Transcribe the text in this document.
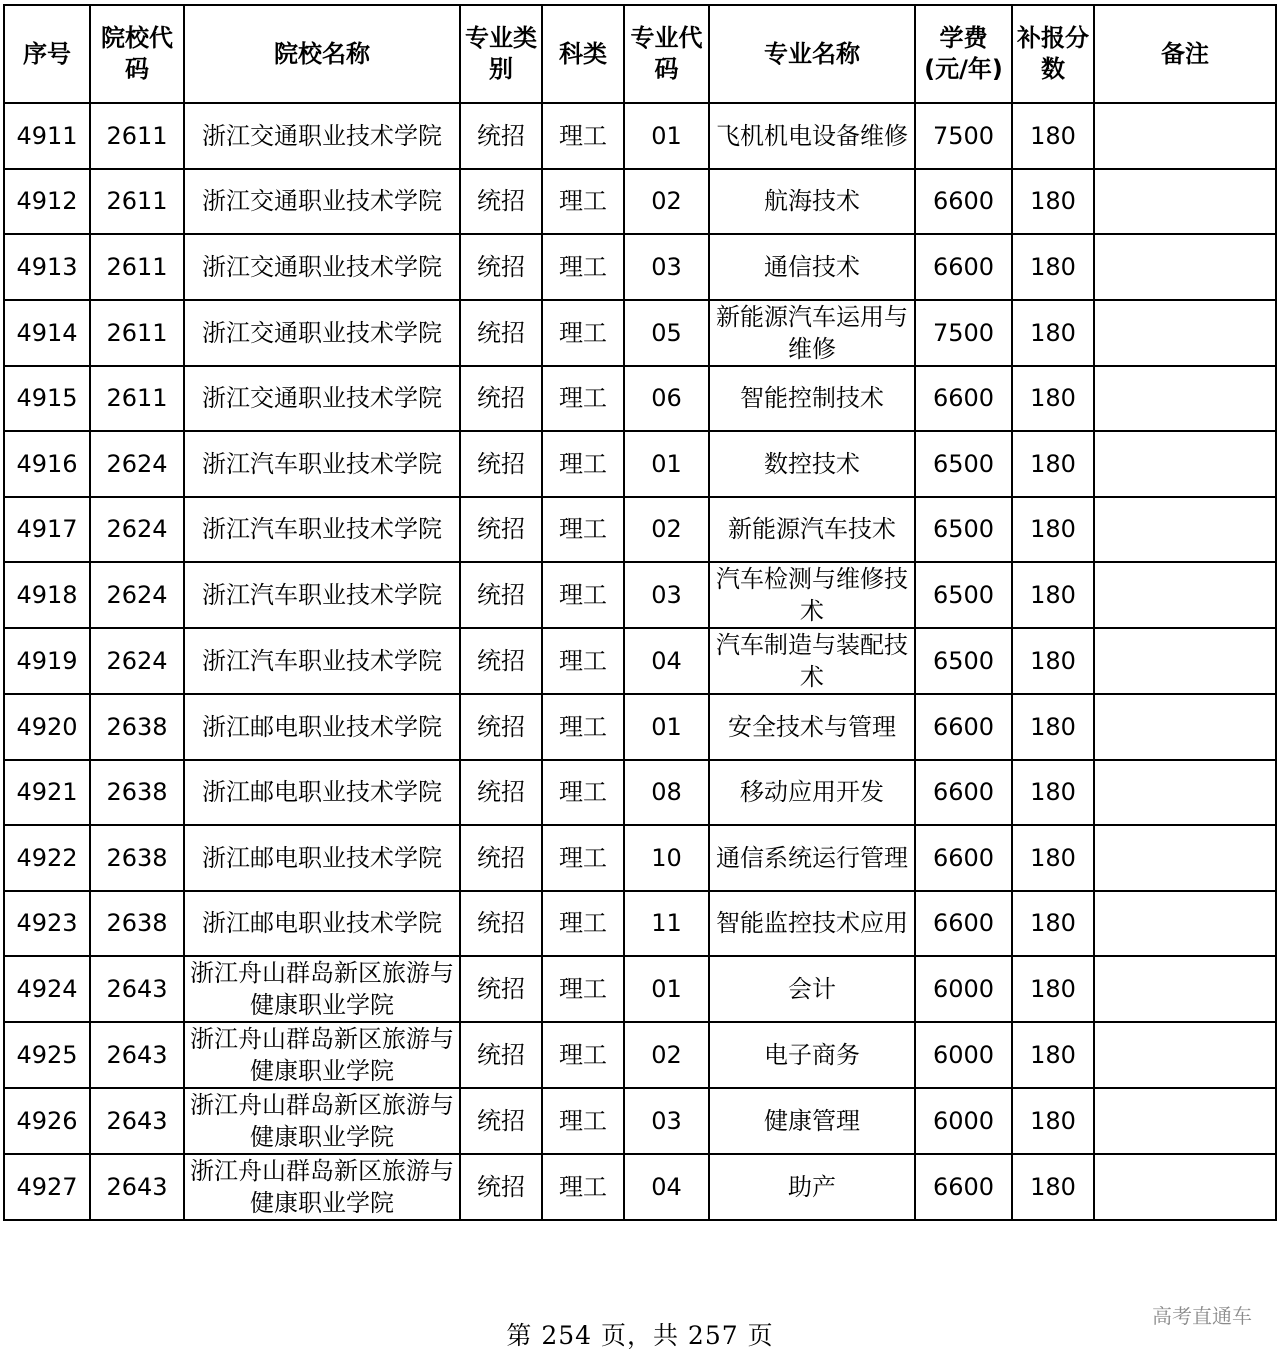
序号	院校代码	院校名称	专业类别	科类	专业代码	专业名称	学费(元/年)	补报分数	备注
4911	2611	浙江交通职业技术学院	统招	理工	01	飞机机电设备维修	7500	180	
4912	2611	浙江交通职业技术学院	统招	理工	02	航海技术	6600	180	
4913	2611	浙江交通职业技术学院	统招	理工	03	通信技术	6600	180	
4914	2611	浙江交通职业技术学院	统招	理工	05	新能源汽车运用与维修	7500	180	
4915	2611	浙江交通职业技术学院	统招	理工	06	智能控制技术	6600	180	
4916	2624	浙江汽车职业技术学院	统招	理工	01	数控技术	6500	180	
4917	2624	浙江汽车职业技术学院	统招	理工	02	新能源汽车技术	6500	180	
4918	2624	浙江汽车职业技术学院	统招	理工	03	汽车检测与维修技术	6500	180	
4919	2624	浙江汽车职业技术学院	统招	理工	04	汽车制造与装配技术	6500	180	
4920	2638	浙江邮电职业技术学院	统招	理工	01	安全技术与管理	6600	180	
4921	2638	浙江邮电职业技术学院	统招	理工	08	移动应用开发	6600	180	
4922	2638	浙江邮电职业技术学院	统招	理工	10	通信系统运行管理	6600	180	
4923	2638	浙江邮电职业技术学院	统招	理工	11	智能监控技术应用	6600	180	
4924	2643	浙江舟山群岛新区旅游与健康职业学院	统招	理工	01	会计	6000	180	
4925	2643	浙江舟山群岛新区旅游与健康职业学院	统招	理工	02	电子商务	6000	180	
4926	2643	浙江舟山群岛新区旅游与健康职业学院	统招	理工	03	健康管理	6000	180	
4927	2643	浙江舟山群岛新区旅游与健康职业学院	统招	理工	04	助产	6600	180	
第 254 页，共 257 页
高考直通车
